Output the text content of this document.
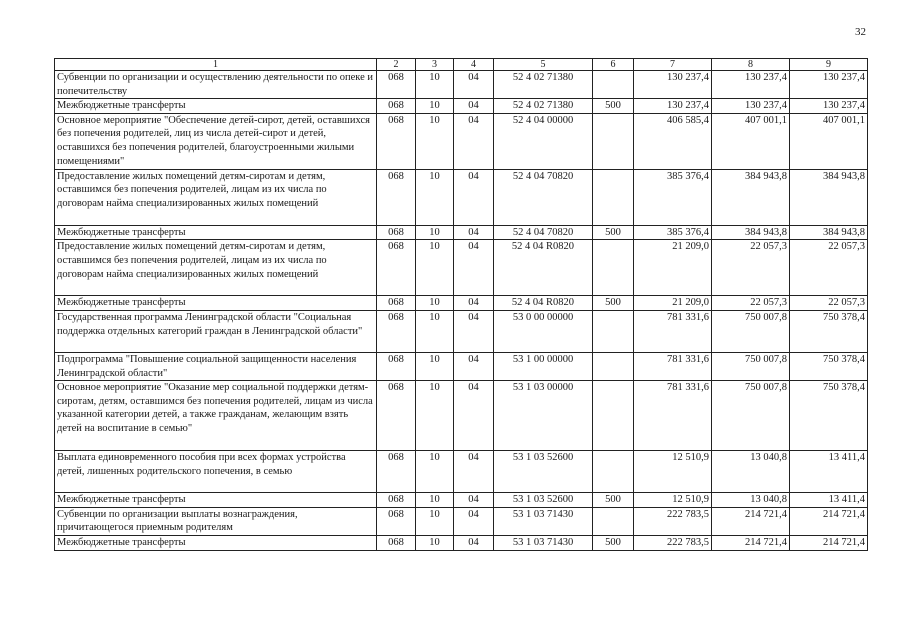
32
1	2	3	4	5	6	7	8	9
Субвенции по организации и осуществлению деятельности по опеке и попечительству	068	10	04	52 4 02 71380		130 237,4	130 237,4	130 237,4
Межбюджетные трансферты	068	10	04	52 4 02 71380	500	130 237,4	130 237,4	130 237,4
Основное мероприятие "Обеспечение детей-сирот, детей, оставшихся без попечения родителей, лиц из числа детей-сирот и детей, оставшихся без попечения родителей, благоустроенными жилыми помещениями"	068	10	04	52 4 04 00000		406 585,4	407 001,1	407 001,1
Предоставление жилых помещений детям-сиротам и детям, оставшимся без попечения родителей, лицам из их числа по договорам найма специализированных жилых помещений	068	10	04	52 4 04 70820		385 376,4	384 943,8	384 943,8
Межбюджетные трансферты	068	10	04	52 4 04 70820	500	385 376,4	384 943,8	384 943,8
Предоставление жилых помещений детям-сиротам и детям, оставшимся без попечения родителей, лицам из их числа по договорам найма специализированных жилых помещений	068	10	04	52 4 04 R0820		21 209,0	22 057,3	22 057,3
Межбюджетные трансферты	068	10	04	52 4 04 R0820	500	21 209,0	22 057,3	22 057,3
Государственная программа Ленинградской области "Социальная поддержка отдельных категорий граждан в Ленинградской области"	068	10	04	53 0 00 00000		781 331,6	750 007,8	750 378,4
Подпрограмма "Повышение социальной защищенности населения Ленинградской области"	068	10	04	53 1 00 00000		781 331,6	750 007,8	750 378,4
Основное мероприятие "Оказание мер социальной поддержки детям-сиротам, детям, оставшимся без попечения родителей, лицам из числа указанной категории детей, а также гражданам, желающим взять детей на воспитание в семью"	068	10	04	53 1 03 00000		781 331,6	750 007,8	750 378,4
Выплата единовременного пособия при всех формах устройства детей, лишенных родительского попечения, в семью	068	10	04	53 1 03 52600		12 510,9	13 040,8	13 411,4
Межбюджетные трансферты	068	10	04	53 1 03 52600	500	12 510,9	13 040,8	13 411,4
Субвенции по организации выплаты вознаграждения, причитающегося приемным родителям	068	10	04	53 1 03 71430		222 783,5	214 721,4	214 721,4
Межбюджетные трансферты	068	10	04	53 1 03 71430	500	222 783,5	214 721,4	214 721,4
